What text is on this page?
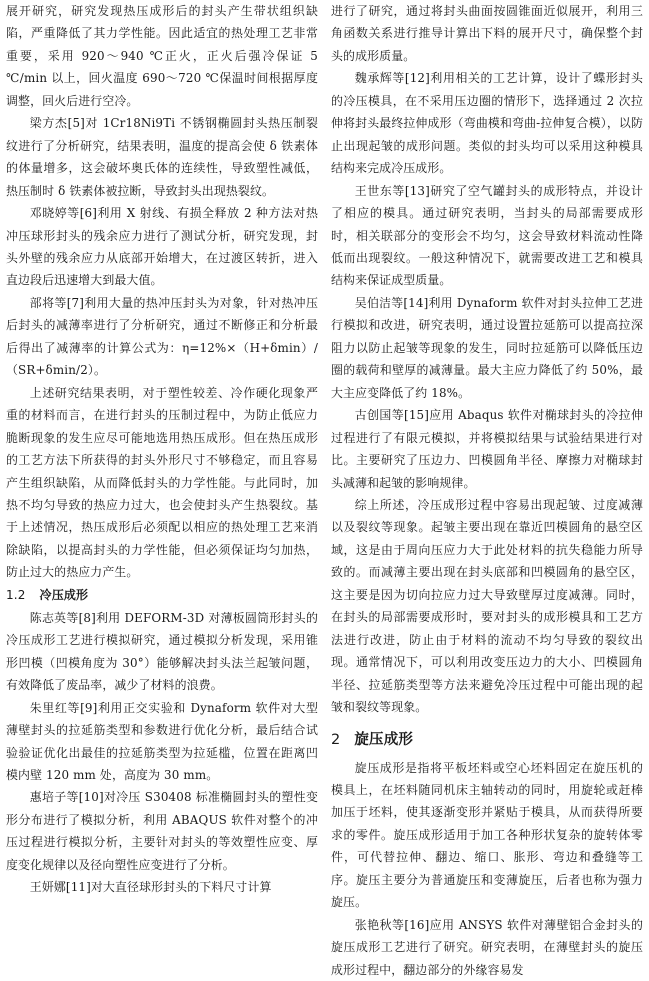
展开研究，研究发现热压成形后的封头产生带状组织缺陷，严重降低了其力学性能。因此适宜的热处理工艺非常重要，采用 920～940 ℃正火，正火后强冷保证 5 ℃/min 以上，回火温度 690～720 ℃保温时间根据厚度调整，回火后进行空冷。

梁方杰[5]对 1Cr18Ni9Ti 不锈钢椭圆封头热压制裂纹进行了分析研究，结果表明，温度的提高会使 δ 铁素体的体量增多，这会破坏奥氏体的连续性，导致塑性减低，热压制时 δ 铁素体被拉断，导致封头出现热裂纹。

邓晓婷等[6]利用 X 射线、有损全释放 2 种方法对热冲压球形封头的残余应力进行了测试分析，研究发现，封头外壁的残余应力从底部开始增大，在过渡区转折，进入直边段后迅速增大到最大值。

部将等[7]利用大量的热冲压封头为对象，针对热冲压后封头的减薄率进行了分析研究，通过不断修正和分析最后得出了减薄率的计算公式为：η=12%×（H+δmin）/（SR+δmin/2）。

上述研究结果表明，对于塑性较差、冷作硬化现象严重的材料而言，在进行封头的压制过程中，为防止低应力脆断现象的发生应尽可能地选用热压成形。但在热压成形的工艺方法下所获得的封头外形尺寸不够稳定，而且容易产生组织缺陷，从而降低封头的力学性能。与此同时，加热不均匀导致的热应力过大，也会使封头产生热裂纹。基于上述情况，热压成形后必须配以相应的热处理工艺来消除缺陷，以提高封头的力学性能，但必须保证均匀加热，防止过大的热应力产生。

1.2 冷压成形

陈志英等[8]利用 DEFORM-3D 对薄板圆筒形封头的冷压成形工艺进行模拟研究，通过模拟分析发现，采用锥形凹模（凹模角度为 30°）能够解决封头法兰起皱问题，有效降低了废品率，减少了材料的浪费。

朱里红等[9]利用正交实验和 Dynaform 软件对大型薄壁封头的拉延筋类型和参数进行优化分析，最后结合试验验证优化出最佳的拉延筋类型为拉延槛，位置在距离凹模内壁 120 mm 处，高度为 30 mm。

惠培子等[10]对冷压 S30408 标准椭圆封头的塑性变形分布进行了模拟分析，利用 ABAQUS 软件对整个的冲压过程进行模拟分析，主要针对封头的等效塑性应变、厚度变化规律以及径向塑性应变进行了分析。

王妍娜[11]对大直径球形封头的下料尺寸计算

进行了研究，通过将封头曲面按圆锥面近似展开，利用三角函数关系进行推导计算出下料的展开尺寸，确保整个封头的成形质量。

魏承辉等[12]利用相关的工艺计算，设计了蝶形封头的冷压模具，在不采用压边圈的情形下，选择通过 2 次拉伸将封头最终拉伸成形（弯曲模和弯曲-拉伸复合模），以防止出现起皱的成形问题。类似的封头均可以采用这种模具结构来完成冷压成形。

王世东等[13]研究了空气罐封头的成形特点，并设计了相应的模具。通过研究表明，当封头的局部需要成形时，相关联部分的变形会不均匀，这会导致材料流动性降低而出现裂纹。一般这种情况下，就需要改进工艺和模具结构来保证成型质量。

吴伯洁等[14]利用 Dynaform 软件对封头拉伸工艺进行模拟和改进，研究表明，通过设置拉延筋可以提高拉深阻力以防止起皱等现象的发生，同时拉延筋可以降低压边圈的载荷和壁厚的减薄量。最大主应力降低了约 50%，最大主应变降低了约 18%。

古创国等[15]应用 Abaqus 软件对椭球封头的冷拉伸过程进行了有限元模拟，并将模拟结果与试验结果进行对比。主要研究了压边力、凹模圆角半径、摩擦力对椭球封头减薄和起皱的影响规律。

综上所述，冷压成形过程中容易出现起皱、过度减薄以及裂纹等现象。起皱主要出现在靠近凹模圆角的悬空区域，这是由于周向压应力大于此处材料的抗失稳能力所导致的。而减薄主要出现在封头底部和凹模圆角的悬空区，这主要是因为切向拉应力过大导致壁厚过度减薄。同时，在封头的局部需要成形时，要对封头的成形模具和工艺方法进行改进，防止由于材料的流动不均匀导致的裂纹出现。通常情况下，可以利用改变压边力的大小、凹模圆角半径、拉延筋类型等方法来避免冷压过程中可能出现的起皱和裂纹等现象。

2 旋压成形

旋压成形是指将平板坯料或空心坯料固定在旋压机的模具上，在坯料随同机床主轴转动的同时，用旋轮或赶棒加压于坯料，使其逐渐变形并紧贴于模具，从而获得所要求的零件。旋压成形适用于加工各种形状复杂的旋转体零件，可代替拉伸、翻边、缩口、胀形、弯边和叠缝等工序。旋压主要分为普通旋压和变薄旋压，后者也称为强力旋压。

张艳秋等[16]应用 ANSYS 软件对薄壁铝合金封头的旋压成形工艺进行了研究。研究表明，在薄壁封头的旋压成形过程中，翻边部分的外缘容易发
